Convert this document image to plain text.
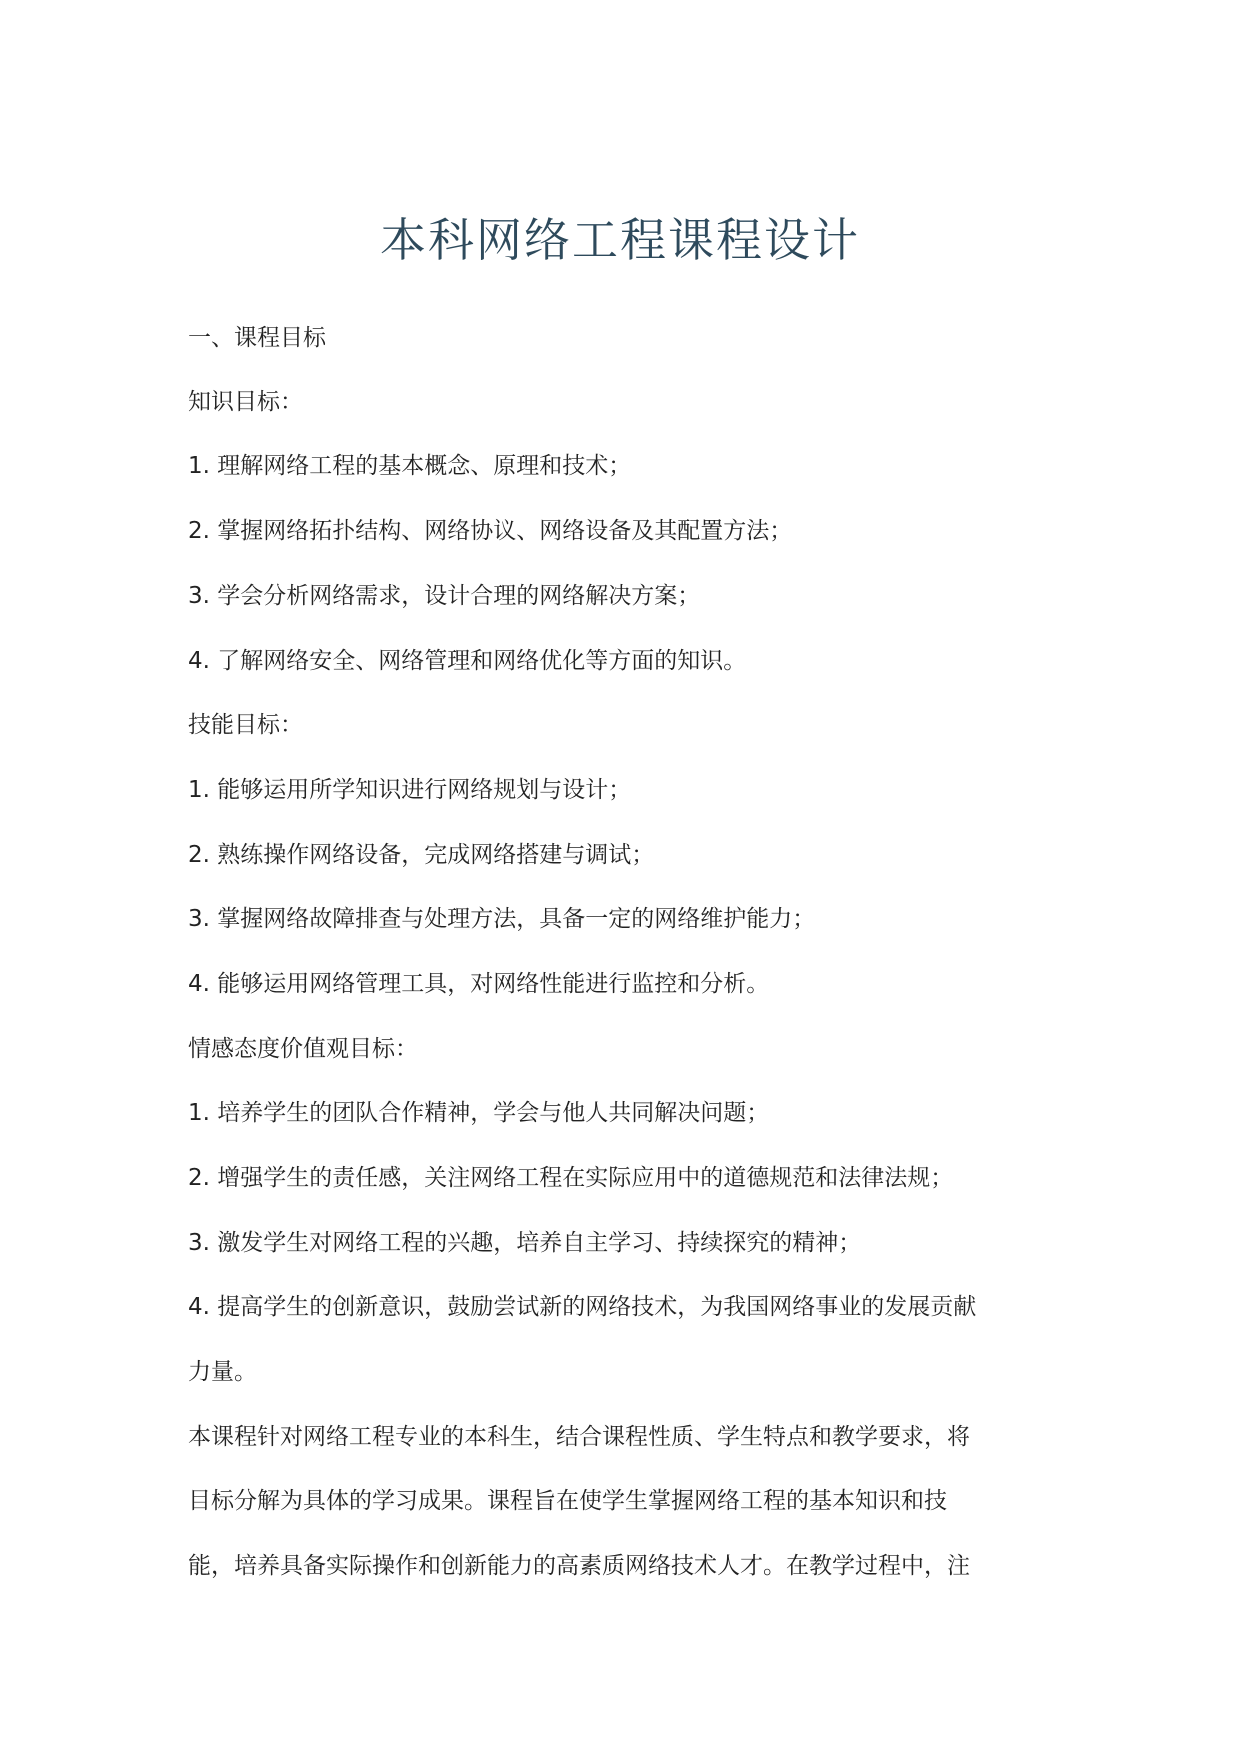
本科网络工程课程设计
一、课程目标
知识目标：
1. 理解网络工程的基本概念、原理和技术；
2. 掌握网络拓扑结构、网络协议、网络设备及其配置方法；
3. 学会分析网络需求，设计合理的网络解决方案；
4. 了解网络安全、网络管理和网络优化等方面的知识。
技能目标：
1. 能够运用所学知识进行网络规划与设计；
2. 熟练操作网络设备，完成网络搭建与调试；
3. 掌握网络故障排查与处理方法，具备一定的网络维护能力；
4. 能够运用网络管理工具，对网络性能进行监控和分析。
情感态度价值观目标：
1. 培养学生的团队合作精神，学会与他人共同解决问题；
2. 增强学生的责任感，关注网络工程在实际应用中的道德规范和法律法规；
3. 激发学生对网络工程的兴趣，培养自主学习、持续探究的精神；
4. 提高学生的创新意识，鼓励尝试新的网络技术，为我国网络事业的发展贡献
力量。
本课程针对网络工程专业的本科生，结合课程性质、学生特点和教学要求，将
目标分解为具体的学习成果。课程旨在使学生掌握网络工程的基本知识和技
能，培养具备实际操作和创新能力的高素质网络技术人才。在教学过程中，注
